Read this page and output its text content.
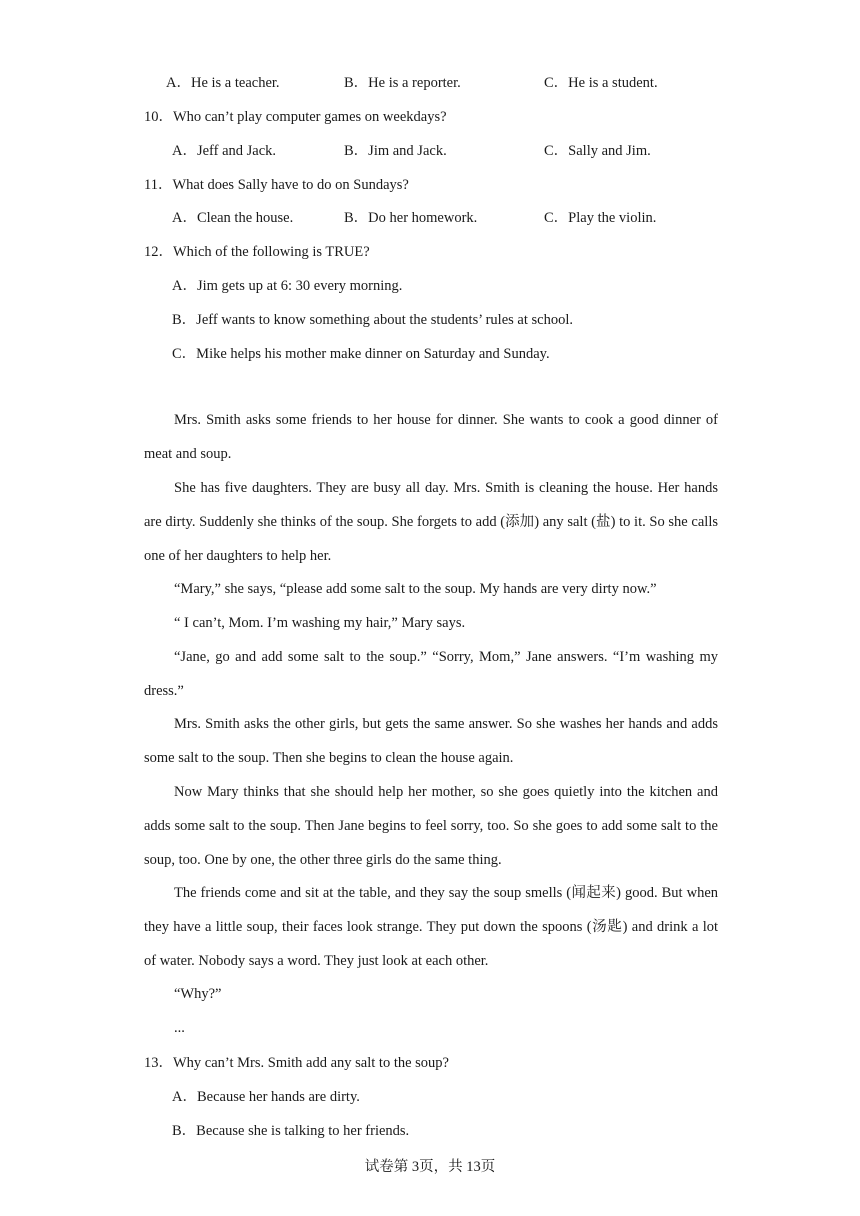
A．He is a teacher.	B．He is a reporter.	C．He is a student.
10．Who can’t play computer games on weekdays?
A．Jeff and Jack.	B．Jim and Jack.	C．Sally and Jim.
11．What does Sally have to do on Sundays?
A．Clean the house.	B．Do her homework.	C．Play the violin.
12．Which of the following is TRUE?
A．Jim gets up at 6: 30 every morning.
B．Jeff wants to know something about the students’ rules at school.
C．Mike helps his mother make dinner on Saturday and Sunday.
Mrs. Smith asks some friends to her house for dinner. She wants to cook a good dinner of meat and soup.
She has five daughters. They are busy all day. Mrs. Smith is cleaning the house. Her hands are dirty. Suddenly she thinks of the soup. She forgets to add (添加) any salt (盐) to it. So she calls one of her daughters to help her.
“Mary,” she says, “please add some salt to the soup. My hands are very dirty now.”
“ I can’t, Mom. I’m washing my hair,” Mary says.
“Jane, go and add some salt to the soup.” “Sorry, Mom,” Jane answers. “I’m washing my dress.”
Mrs. Smith asks the other girls, but gets the same answer. So she washes her hands and adds some salt to the soup. Then she begins to clean the house again.
Now Mary thinks that she should help her mother, so she goes quietly into the kitchen and adds some salt to the soup. Then Jane begins to feel sorry, too. So she goes to add some salt to the soup, too. One by one, the other three girls do the same thing.
The friends come and sit at the table, and they say the soup smells (闻起来) good. But when they have a little soup, their faces look strange. They put down the spoons (汤匙) and drink a lot of water. Nobody says a word. They just look at each other.
“Why?”
...
13．Why can’t Mrs. Smith add any salt to the soup?
A．Because her hands are dirty.
B．Because she is talking to her friends.
试卷第 3页，共 13页
